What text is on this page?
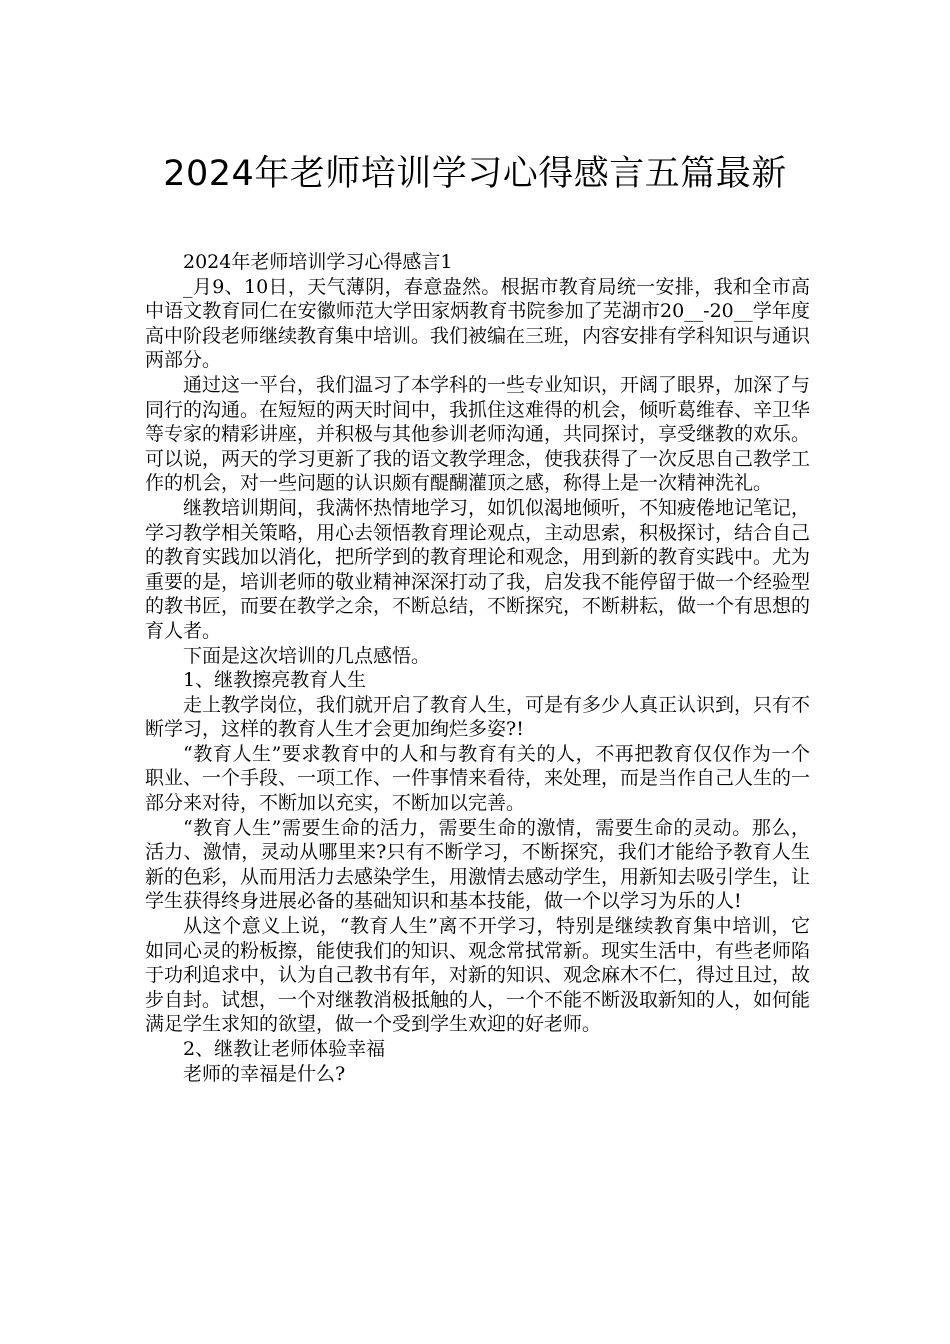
2024年老师培训学习心得感言五篇最新

2024年老师培训学习心得感言1

_月9、10日，天气薄阴，春意盎然。根据市教育局统一安排，我和全市高中语文教育同仁在安徽师范大学田家炳教育书院参加了芜湖市20__-20__学年度高中阶段老师继续教育集中培训。我们被编在三班，内容安排有学科知识与通识两部分。

通过这一平台，我们温习了本学科的一些专业知识，开阔了眼界，加深了与同行的沟通。在短短的两天时间中，我抓住这难得的机会，倾听葛维春、辛卫华等专家的精彩讲座，并积极与其他参训老师沟通，共同探讨，享受继教的欢乐。可以说，两天的学习更新了我的语文教学理念，使我获得了一次反思自己教学工作的机会，对一些问题的认识颇有醍醐灌顶之感，称得上是一次精神洗礼。

继教培训期间，我满怀热情地学习，如饥似渴地倾听，不知疲倦地记笔记，学习教学相关策略，用心去领悟教育理论观点，主动思索，积极探讨，结合自己的教育实践加以消化，把所学到的教育理论和观念，用到新的教育实践中。尤为重要的是，培训老师的敬业精神深深打动了我，启发我不能停留于做一个经验型的教书匠，而要在教学之余，不断总结，不断探究，不断耕耘，做一个有思想的育人者。

下面是这次培训的几点感悟。

1、继教擦亮教育人生

走上教学岗位，我们就开启了教育人生，可是有多少人真正认识到，只有不断学习，这样的教育人生才会更加绚烂多姿?!

“教育人生”要求教育中的人和与教育有关的人，不再把教育仅仅作为一个职业、一个手段、一项工作、一件事情来看待，来处理，而是当作自己人生的一部分来对待，不断加以充实，不断加以完善。

“教育人生”需要生命的活力，需要生命的激情，需要生命的灵动。那么，活力、激情，灵动从哪里来?只有不断学习，不断探究，我们才能给予教育人生新的色彩，从而用活力去感染学生，用激情去感动学生，用新知去吸引学生，让学生获得终身进展必备的基础知识和基本技能，做一个以学习为乐的人!

从这个意义上说，“教育人生”离不开学习，特别是继续教育集中培训，它如同心灵的粉板擦，能使我们的知识、观念常拭常新。现实生活中，有些老师陷于功利追求中，认为自己教书有年，对新的知识、观念麻木不仁，得过且过，故步自封。试想，一个对继教消极抵触的人，一个不能不断汲取新知的人，如何能满足学生求知的欲望，做一个受到学生欢迎的好老师。

2、继教让老师体验幸福

老师的幸福是什么?
